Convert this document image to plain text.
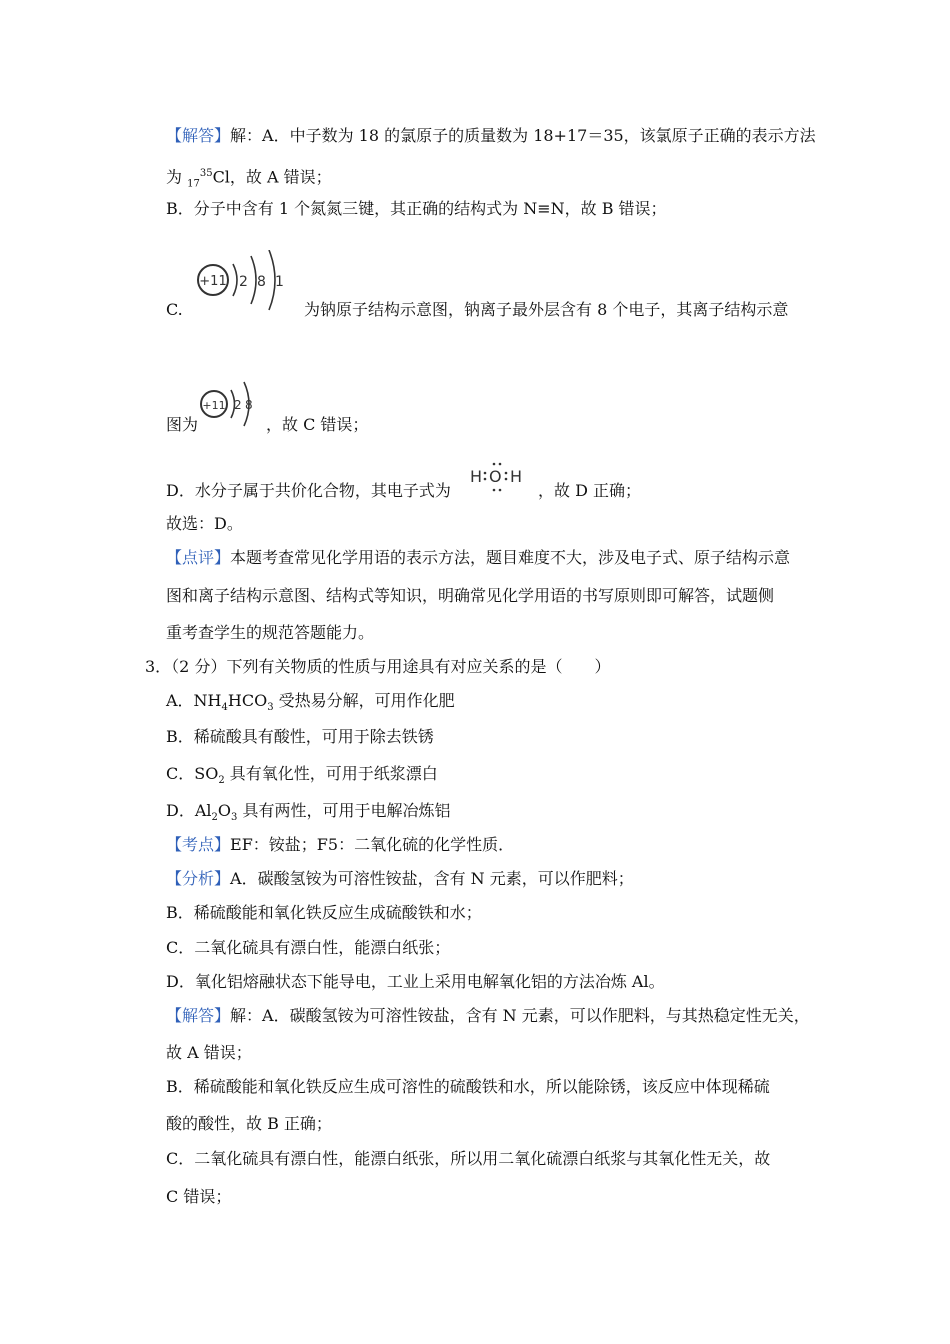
【解答】解：A．中子数为 18 的氯原子的质量数为 18+17＝35，该氯原子正确的表示方法
为 $_{17}^{35}$Cl，故 A 错误；
B．分子中含有 1 个氮氮三键，其正确的结构式为 N≡N，故 B 错误；
C.
+11 2 8 1
为钠原子结构示意图，钠离子最外层含有 8 个电子，其离子结构示意
图为
+11 2 8
，故 C 错误；
D．水分子属于共价化合物，其电子式为
H O H
，故 D 正确；
故选：D。
【点评】本题考查常见化学用语的表示方法，题目难度不大，涉及电子式、原子结构示意
图和离子结构示意图、结构式等知识，明确常见化学用语的书写原则即可解答，试题侧
重考查学生的规范答题能力。
3．（2 分）下列有关物质的性质与用途具有对应关系的是（　　）
A．$NH_4HCO_3$ 受热易分解，可用作化肥
B．稀硫酸具有酸性，可用于除去铁锈
C．$SO_2$ 具有氧化性，可用于纸浆漂白
D．$Al_2O_3$ 具有两性，可用于电解冶炼铝
【考点】EF：铵盐；F5：二氧化硫的化学性质．
【分析】A．碳酸氢铵为可溶性铵盐，含有 N 元素，可以作肥料；
B．稀硫酸能和氧化铁反应生成硫酸铁和水；
C．二氧化硫具有漂白性，能漂白纸张；
D．氧化铝熔融状态下能导电，工业上采用电解氧化铝的方法冶炼 Al。
【解答】解：A．碳酸氢铵为可溶性铵盐，含有 N 元素，可以作肥料，与其热稳定性无关，
故 A 错误；
B．稀硫酸能和氧化铁反应生成可溶性的硫酸铁和水，所以能除锈，该反应中体现稀硫
酸的酸性，故 B 正确；
C．二氧化硫具有漂白性，能漂白纸张，所以用二氧化硫漂白纸浆与其氧化性无关，故
C 错误；
